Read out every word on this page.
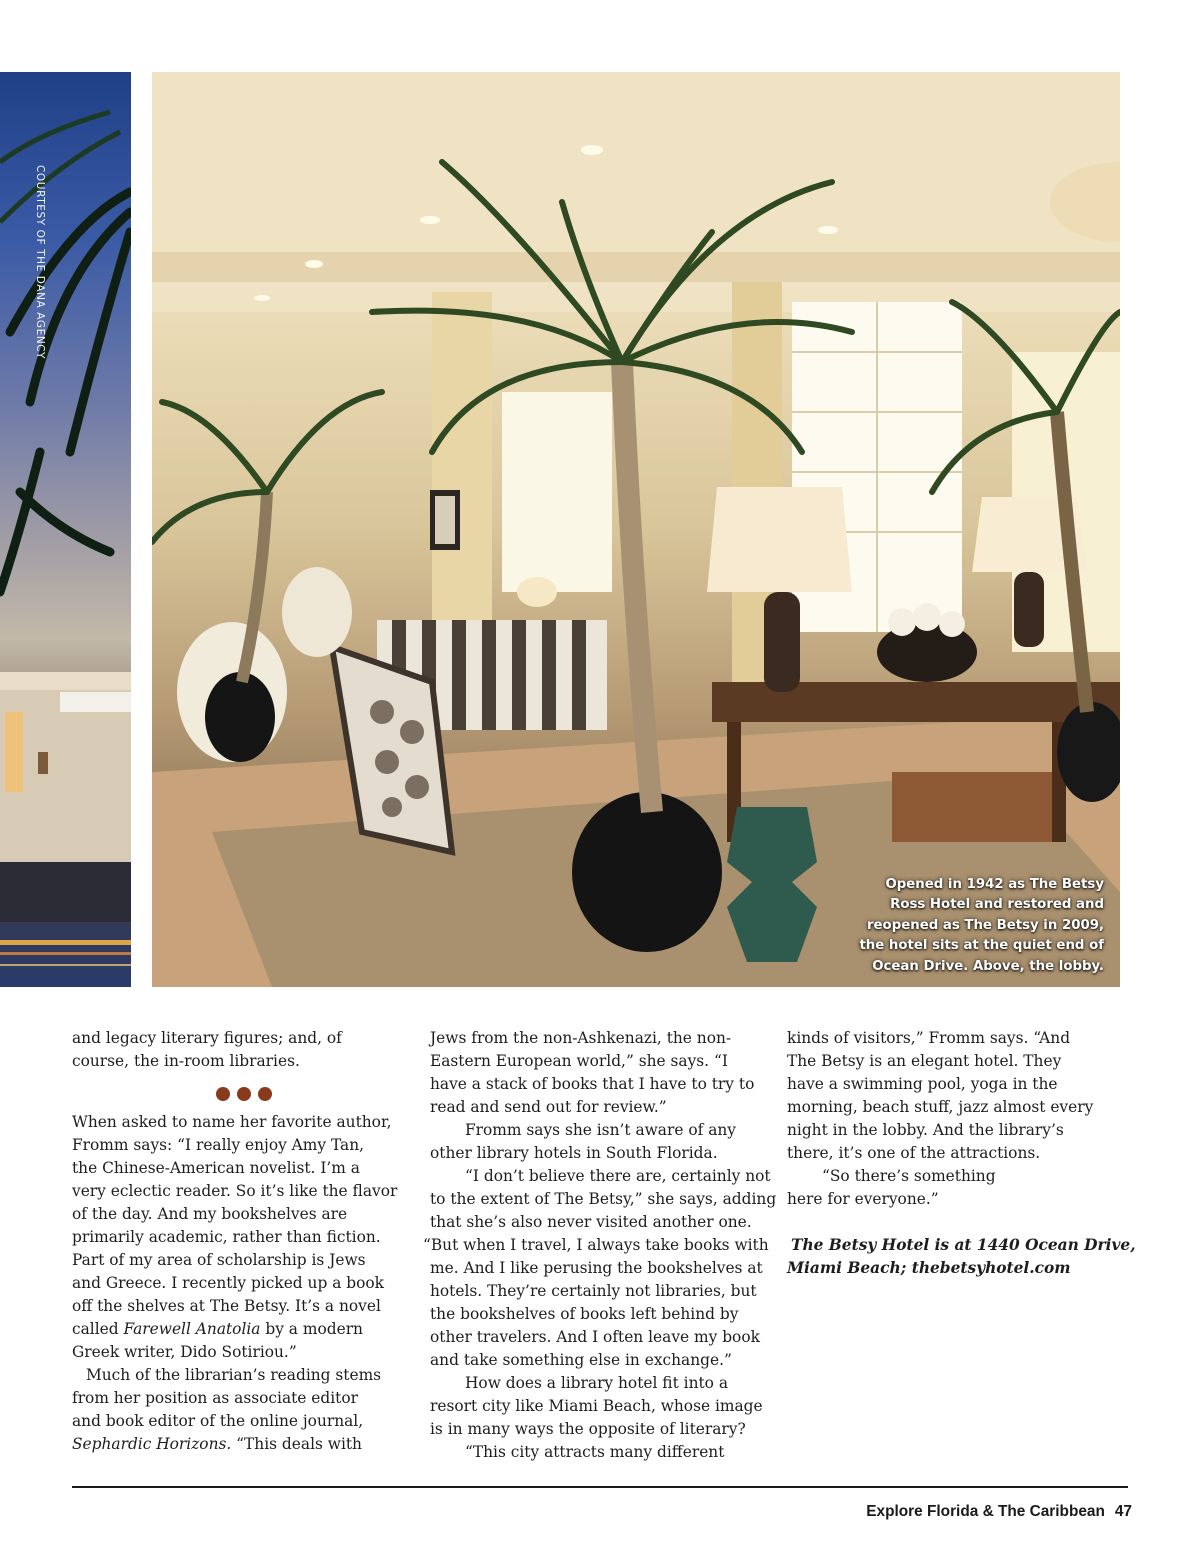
COURTESY OF THE DANA AGENCY
Opened in 1942 as The Betsy
Ross Hotel and restored and
reopened as The Betsy in 2009,
the hotel sits at the quiet end of
Ocean Drive. Above, the lobby.

and legacy literary figures; and, of

course, the in-room libraries.

When asked to name her favorite author,

Fromm says: “I really enjoy Amy Tan,

the Chinese-American novelist. I’m a

very eclectic reader. So it’s like the flavor

of the day. And my bookshelves are

primarily academic, rather than fiction.

Part of my area of scholarship is Jews

and Greece. I recently picked up a book

off the shelves at The Betsy. It’s a novel

called Farewell Anatolia by a modern

Greek writer, Dido Sotiriou.”

Much of the librarian’s reading stems

from her position as associate editor

and book editor of the online journal,

Sephardic Horizons. “This deals with

Jews from the non-Ashkenazi, the non-

Eastern European world,” she says. “I

have a stack of books that I have to try to

read and send out for review.”

Fromm says she isn’t aware of any

other library hotels in South Florida.

“I don’t believe there are, certainly not

to the extent of The Betsy,” she says, adding

that she’s also never visited another one.

“But when I travel, I always take books with

me. And I like perusing the bookshelves at

hotels. They’re certainly not libraries, but

the bookshelves of books left behind by

other travelers. And I often leave my book

and take something else in exchange.”

How does a library hotel fit into a

resort city like Miami Beach, whose image

is in many ways the opposite of literary?

“This city attracts many different

kinds of visitors,” Fromm says. “And

The Betsy is an elegant hotel. They

have a swimming pool, yoga in the

morning, beach stuff, jazz almost every

night in the lobby. And the library’s

there, it’s one of the attractions.

“So there’s something

here for everyone.”

The Betsy Hotel is at 1440 Ocean Drive,

Miami Beach; thebetsyhotel.com

Explore Florida & The Caribbean 47
